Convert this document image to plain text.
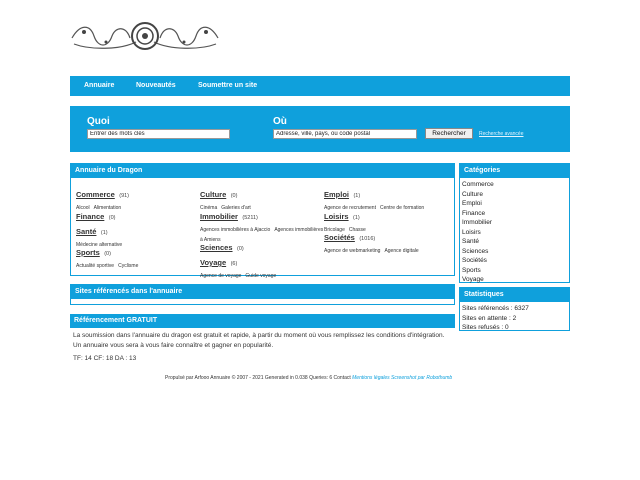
Annuaire	Nouveautés	Soumettre un site
Quoi
Entrer des mots clés	Où
Adresse, ville, pays, ou code postal
Rechercher	Recherche avancée
Annuaire du Dragon
Commerce (91)
Alcool Alimentation
Finance (0)
Santé (1)
Médecine alternative
Sports (0)
Actualité sportive Cyclisme
Culture (0)
Cinéma Galeries d'art
Immobilier (5211)
Agences immobilières à Ajaccio Agences immobilières à Amiens
Sciences (0)
Voyage (6)
Agence de voyage Guide voyage
Emploi (1)
Agence de recrutement Centre de formation
Loisirs (1)
Bricolage Chasse
Sociétés (1016)
Agence de webmarketing Agence digitale
Sites référencés dans l'annuaire
Référencement GRATUIT

La soumission dans l'annuaire du dragon est gratuit et rapide, à partir du moment où vous remplissez les conditions d'intégration. Un annuaire vous sera à vous faire connaître et gagner en popularité.

TF: 14 CF: 18 DA : 13

Catégories
Commerce
Culture
Emploi
Finance
Immobilier
Loisirs
Santé
Sciences
Sociétés
Sports
Voyage
Statistiques
Sites référencés : 6327
Sites en attente : 2
Sites refusés : 0
Propulsé par Arfooo Annuaire © 2007 - 2021 Generated in 0.038 Queries: 6 Contact Mentions légales Screenshot par Robothumb
